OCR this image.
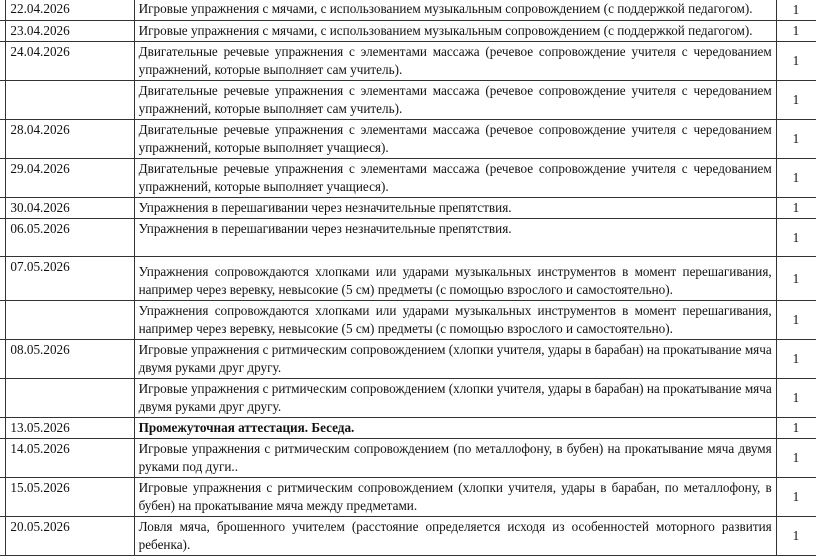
	22.04.2026	Игровые упражнения с мячами, с использованием музыкальным сопровождением (с поддержкой педагогом).	1

	23.04.2026	Игровые упражнения с мячами, с использованием музыкальным сопровождением (с поддержкой педагогом).	1

	24.04.2026	Двигательные речевые упражнения с элементами массажа (речевое сопровождение учителя с чередованием упражнений, которые выполняет сам учитель).	1

		Двигательные речевые упражнения с элементами массажа (речевое сопровождение учителя с чередованием упражнений, которые выполняет сам учитель).	1

	28.04.2026	Двигательные речевые упражнения с элементами массажа (речевое сопровождение учителя с чередованием упражнений, которые выполняет учащиеся).	1

	29.04.2026	Двигательные речевые упражнения с элементами массажа (речевое сопровождение учителя с чередованием упражнений, которые выполняет учащиеся).	1

	30.04.2026	Упражнения в перешагивании через незначительные препятствия.	1

	06.05.2026	Упражнения в перешагивании через незначительные препятствия.	1

	07.05.2026	Упражнения сопровождаются хлопками или ударами музыкальных инструментов в момент перешагивания, например через веревку, невысокие (5 см) предметы (с помощью взрослого и самостоятельно).	1

		Упражнения сопровождаются хлопками или ударами музыкальных инструментов в момент перешагивания, например через веревку, невысокие (5 см) предметы (с помощью взрослого и самостоятельно).	1

	08.05.2026	Игровые упражнения с ритмическим сопровождением (хлопки учителя, удары в барабан) на прокатывание мяча двумя руками друг другу.	1

		Игровые упражнения с ритмическим сопровождением (хлопки учителя, удары в барабан) на прокатывание мяча двумя руками друг другу.	1

	13.05.2026	Промежуточная аттестация. Беседа.	1

	14.05.2026	Игровые упражнения с ритмическим сопровождением (по металлофону, в бубен) на прокатывание мяча двумя руками под дуги..	1

	15.05.2026	Игровые упражнения с ритмическим сопровождением (хлопки учителя, удары в барабан, по металлофону, в бубен) на прокатывание мяча между предметами.	1

	20.05.2026	Ловля мяча, брошенного учителем (расстояние определяется исходя из особенностей моторного развития ребенка).	1
